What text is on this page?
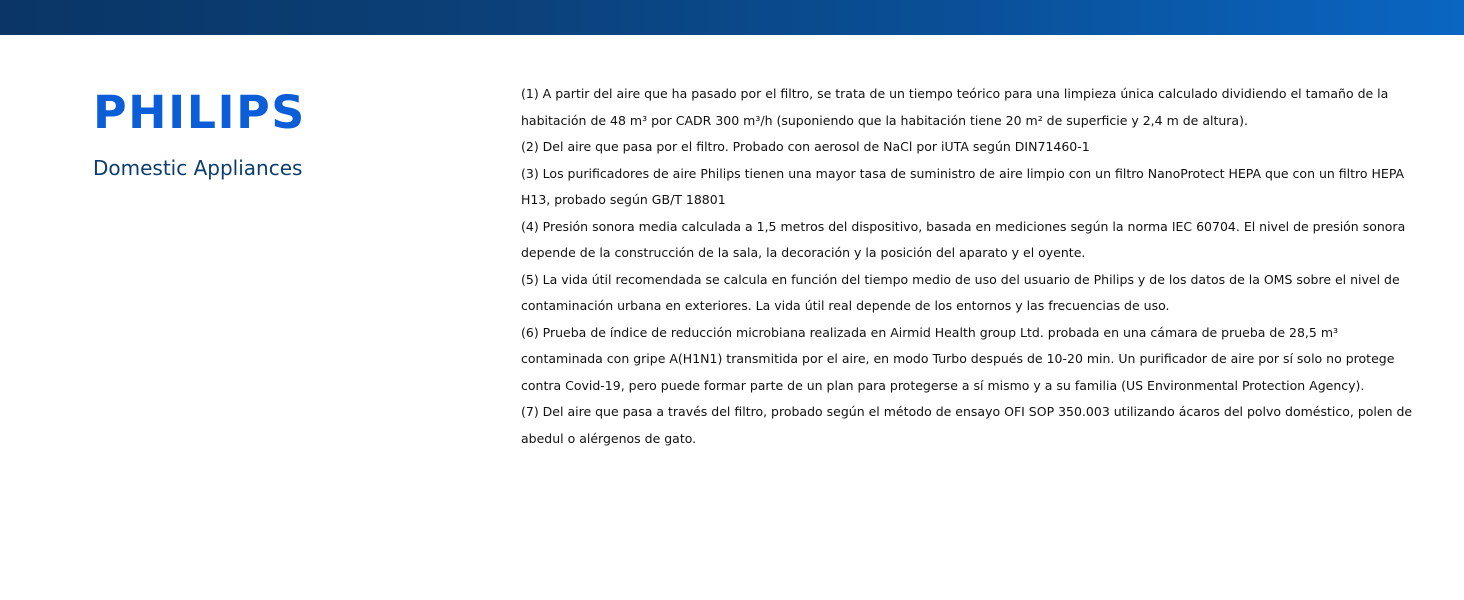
PHILIPS
Domestic Appliances
(1) A partir del aire que ha pasado por el filtro, se trata de un tiempo teórico para una limpieza única calculado dividiendo el tamaño de la habitación de 48 m³ por CADR 300 m³/h (suponiendo que la habitación tiene 20 m² de superficie y 2,4 m de altura).
(2) Del aire que pasa por el filtro. Probado con aerosol de NaCl por iUTA según DIN71460-1
(3) Los purificadores de aire Philips tienen una mayor tasa de suministro de aire limpio con un filtro NanoProtect HEPA que con un filtro HEPA H13, probado según GB/T 18801
(4) Presión sonora media calculada a 1,5 metros del dispositivo, basada en mediciones según la norma IEC 60704. El nivel de presión sonora depende de la construcción de la sala, la decoración y la posición del aparato y el oyente.
(5) La vida útil recomendada se calcula en función del tiempo medio de uso del usuario de Philips y de los datos de la OMS sobre el nivel de contaminación urbana en exteriores. La vida útil real depende de los entornos y las frecuencias de uso.
(6) Prueba de índice de reducción microbiana realizada en Airmid Health group Ltd. probada en una cámara de prueba de 28,5 m³ contaminada con gripe A(H1N1) transmitida por el aire, en modo Turbo después de 10-20 min. Un purificador de aire por sí solo no protege contra Covid-19, pero puede formar parte de un plan para protegerse a sí mismo y a su familia (US Environmental Protection Agency).
(7) Del aire que pasa a través del filtro, probado según el método de ensayo OFI SOP 350.003 utilizando ácaros del polvo doméstico, polen de abedul o alérgenos de gato.
